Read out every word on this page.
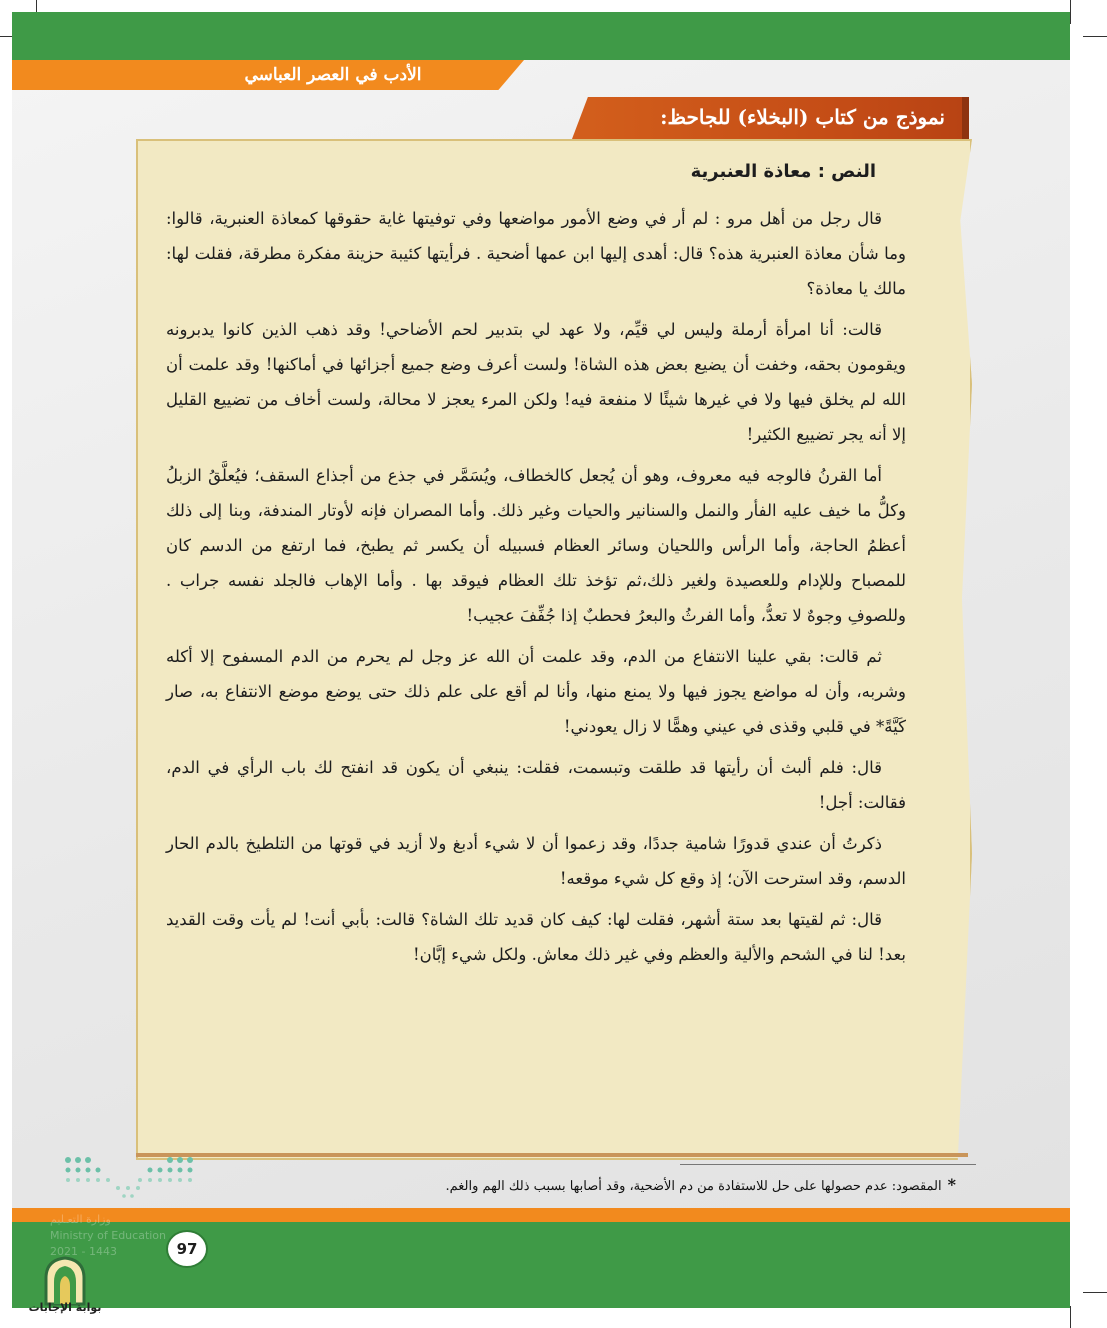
الأدب في العصر العباسي
نموذج من كتاب (البخلاء) للجاحظ:
النص : معاذة العنبرية

قال رجل من أهل مرو : لم أر في وضع الأمور مواضعها وفي توفيتها غاية حقوقها كمعاذة العنبرية، قالوا: وما شأن معاذة العنبرية هذه؟ قال: أهدى إليها ابن عمها أضحية . فرأيتها كئيبة حزينة مفكرة مطرقة، فقلت لها: مالك يا معاذة؟

قالت: أنا امرأة أرملة وليس لي قيِّم، ولا عهد لي بتدبير لحم الأضاحي! وقد ذهب الذين كانوا يدبرونه ويقومون بحقه، وخفت أن يضيع بعض هذه الشاة! ولست أعرف وضع جميع أجزائها في أماكنها! وقد علمت أن الله لم يخلق فيها ولا في غيرها شيئًا لا منفعة فيه! ولكن المرء يعجز لا محالة، ولست أخاف من تضييع القليل إلا أنه يجر تضييع الكثير!

أما القرنُ فالوجه فيه معروف، وهو أن يُجعل كالخطاف، ويُسَمَّر في جذع من أجذاع السقف؛ فيُعلَّقُ الزبلُ وكلُّ ما خيف عليه الفأر والنمل والسنانير والحيات وغير ذلك. وأما المصران فإنه لأوتار المندفة، وبنا إلى ذلك أعظمُ الحاجة، وأما الرأس واللحيان وسائر العظام فسبيله أن يكسر ثم يطبخ، فما ارتفع من الدسم كان للمصباح وللإدام وللعصيدة ولغير ذلك،ثم تؤخذ تلك العظام فيوقد بها . وأما الإهاب فالجلد نفسه جراب . وللصوفِ وجوهٌ لا تعدُّ، وأما الفرثُ والبعرُ فحطبٌ إذا جُفِّفَ عجيب!

ثم قالت: بقي علينا الانتفاع من الدم، وقد علمت أن الله عز وجل لم يحرم من الدم المسفوح إلا أكله وشربه، وأن له مواضع يجوز فيها ولا يمنع منها، وأنا لم أقع على علم ذلك حتى يوضع موضع الانتفاع به، صار كَيَّةً* في قلبي وقذى في عيني وهمًّا لا زال يعودني!

قال: فلم ألبث أن رأيتها قد طلقت وتبسمت، فقلت: ينبغي أن يكون قد انفتح لك باب الرأي في الدم، فقالت: أجل!

ذكرتُ أن عندي قدورًا شامية جددًا، وقد زعموا أن لا شيء أدبغ ولا أزيد في قوتها من التلطيخ بالدم الحار الدسم، وقد استرحت الآن؛ إذ وقع كل شيء موقعه!

قال: ثم لقيتها بعد ستة أشهر، فقلت لها: كيف كان قديد تلك الشاة؟ قالت: بأبي أنت! لم يأت وقت القديد بعد! لنا في الشحم والألية والعظم وفي غير ذلك معاش. ولكل شيء إبَّان!

*المقصود: عدم حصولها على حل للاستفادة من دم الأضحية، وقد أصابها بسبب ذلك الهم والغم.
وزارة التعـليم
Ministry of Education
2021 - 1443	97
بوابة الإجابات
